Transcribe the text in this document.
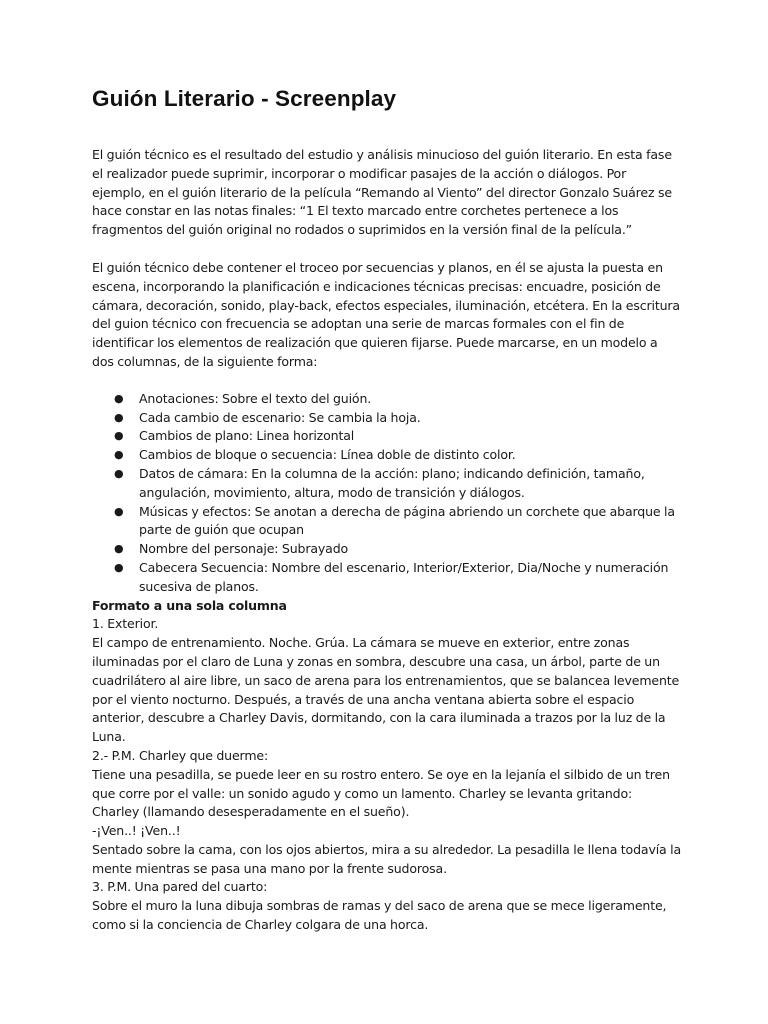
Guión Literario - Screenplay

El guión técnico es el resultado del estudio y análisis minucioso del guión literario. En esta fase el realizador puede suprimir, incorporar o modificar pasajes de la acción o diálogos. Por ejemplo, en el guión literario de la película “Remando al Viento” del director Gonzalo Suárez se hace constar en las notas finales: “1 El texto marcado entre corchetes pertenece a los fragmentos del guión original no rodados o suprimidos en la versión final de la película.”

El guión técnico debe contener el troceo por secuencias y planos, en él se ajusta la puesta en escena, incorporando la planificación e indicaciones técnicas precisas: encuadre, posición de cámara, decoración, sonido, play-back, efectos especiales, iluminación, etcétera. En la escritura del guion técnico con frecuencia se adoptan una serie de marcas formales con el fin de identificar los elementos de realización que quieren fijarse. Puede marcarse, en un modelo a dos columnas, de la siguiente forma:

● Anotaciones: Sobre el texto del guión.
● Cada cambio de escenario: Se cambia la hoja.
● Cambios de plano: Linea horizontal
● Cambios de bloque o secuencia: Línea doble de distinto color.
● Datos de cámara: En la columna de la acción: plano; indicando definición, tamaño, angulación, movimiento, altura, modo de transición y diálogos.
● Músicas y efectos: Se anotan a derecha de página abriendo un corchete que abarque la parte de guión que ocupan
● Nombre del personaje: Subrayado
● Cabecera Secuencia: Nombre del escenario, Interior/Exterior, Dia/Noche y numeración sucesiva de planos.

Formato a una sola columna

1. Exterior.

El campo de entrenamiento. Noche. Grúa. La cámara se mueve en exterior, entre zonas iluminadas por el claro de Luna y zonas en sombra, descubre una casa, un árbol, parte de un cuadrilátero al aire libre, un saco de arena para los entrenamientos, que se balancea levemente por el viento nocturno. Después, a través de una ancha ventana abierta sobre el espacio anterior, descubre a Charley Davis, dormitando, con la cara iluminada a trazos por la luz de la Luna.

2.- P.M. Charley que duerme:

Tiene una pesadilla, se puede leer en su rostro entero. Se oye en la lejanía el silbido de un tren que corre por el valle: un sonido agudo y como un lamento. Charley se levanta gritando:

Charley (llamando desesperadamente en el sueño).

-¡Ven..! ¡Ven..!

Sentado sobre la cama, con los ojos abiertos, mira a su alrededor. La pesadilla le llena todavía la mente mientras se pasa una mano por la frente sudorosa.

3. P.M. Una pared del cuarto:

Sobre el muro la luna dibuja sombras de ramas y del saco de arena que se mece ligeramente, como si la conciencia de Charley colgara de una horca.
